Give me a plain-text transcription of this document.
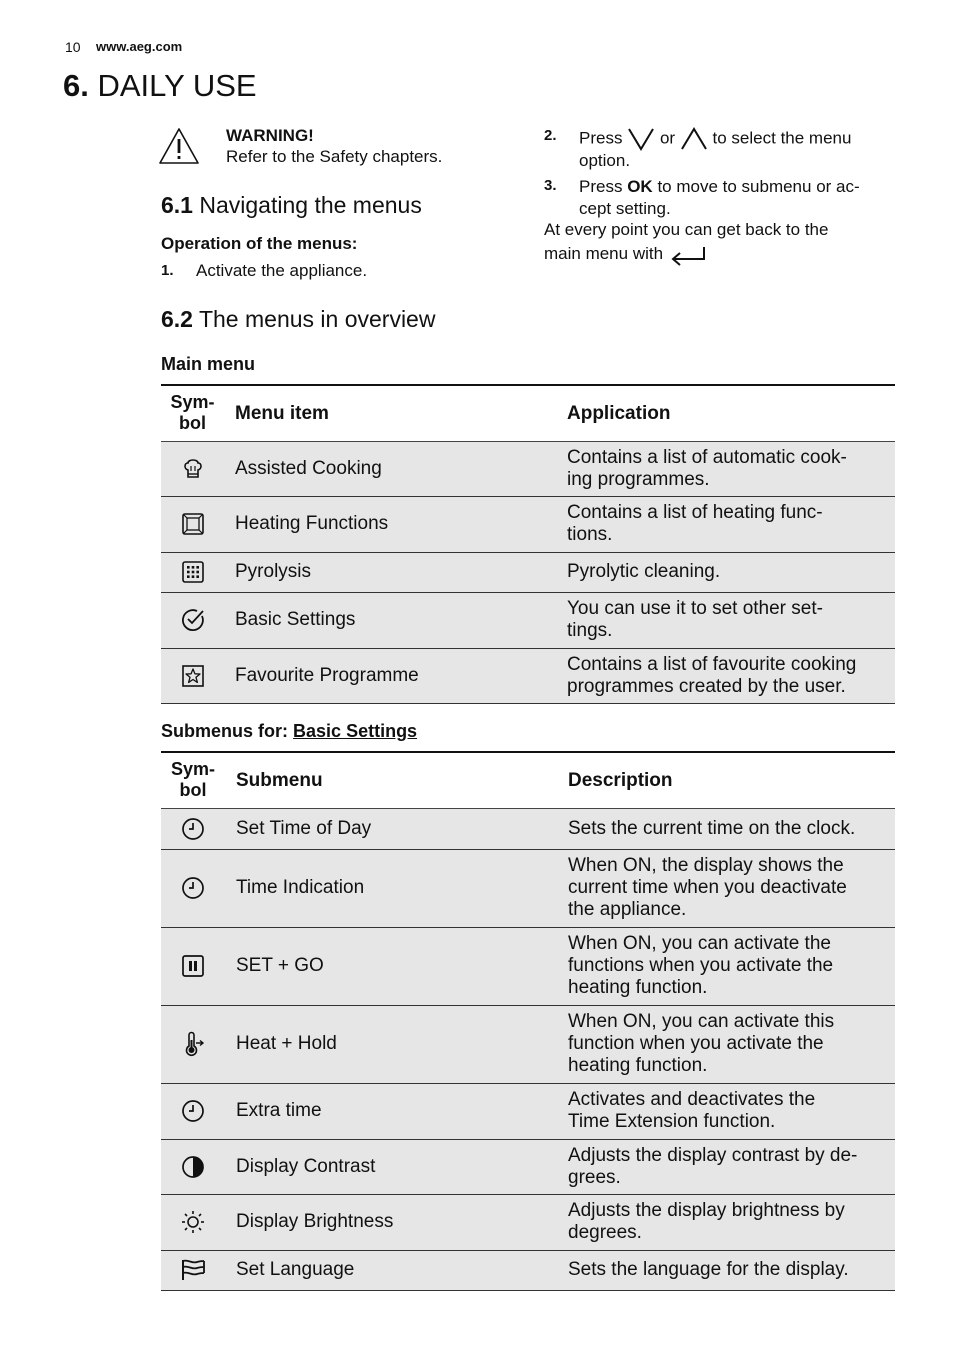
10 www.aeg.com
6. DAILY USE
WARNING!
Refer to the Safety chapters.
6.1 Navigating the menus
Operation of the menus:
1. Activate the appliance.
2. Press or to select the menu
option.
3. Press OK to move to submenu or ac-
cept setting.
At every point you can get back to the
main menu with
6.2 The menus in overview
Main menu
Sym-
bol	Menu item	Application
	Assisted Cooking	Contains a list of automatic cook-
ing programmes.
	Heating Functions	Contains a list of heating func-
tions.
	Pyrolysis	Pyrolytic cleaning.
	Basic Settings	You can use it to set other set-
tings.
	Favourite Programme	Contains a list of favourite cooking
programmes created by the user.
Submenus for: Basic Settings
Sym-
bol	Submenu	Description
	Set Time of Day	Sets the current time on the clock.
	Time Indication	When ON, the display shows the
current time when you deactivate
the appliance.
	SET + GO	When ON, you can activate the
functions when you activate the
heating function.
	Heat + Hold	When ON, you can activate this
function when you activate the
heating function.
	Extra time	Activates and deactivates the
Time Extension function.
	Display Contrast	Adjusts the display contrast by de-
grees.
	Display Brightness	Adjusts the display brightness by
degrees.
	Set Language	Sets the language for the display.
